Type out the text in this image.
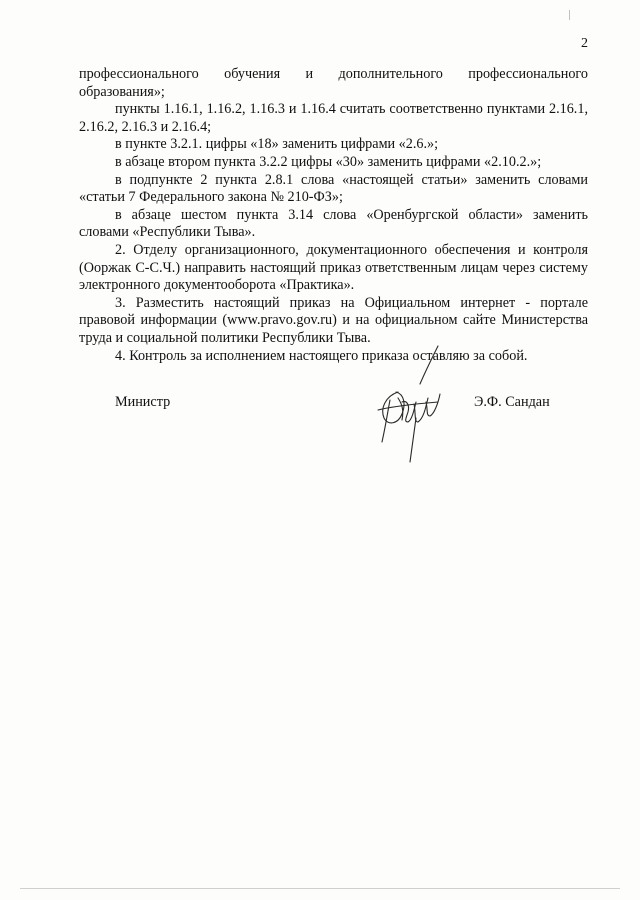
2

профессионального обучения и дополнительного профессионального образования»;

пункты 1.16.1, 1.16.2, 1.16.3 и 1.16.4 считать соответственно пунктами 2.16.1, 2.16.2, 2.16.3 и 2.16.4;

в пункте 3.2.1. цифры «18» заменить цифрами «2.6.»;

в абзаце втором пункта 3.2.2 цифры «30» заменить цифрами «2.10.2.»;

в подпункте 2 пункта 2.8.1 слова «настоящей статьи» заменить словами «статьи 7 Федерального закона № 210-ФЗ»;

в абзаце шестом пункта 3.14 слова «Оренбургской области» заменить словами «Республики Тыва».

2. Отделу организационного, документационного обеспечения и контроля (Ооржак С-С.Ч.) направить настоящий приказ ответственным лицам через систему электронного документооборота «Практика».

3. Разместить настоящий приказ на Официальном интернет - портале правовой информации (www.pravo.gov.ru) и на официальном сайте Министерства труда и социальной политики Республики Тыва.

4. Контроль за исполнением настоящего приказа оставляю за собой.

Министр	Э.Ф. Сандан
